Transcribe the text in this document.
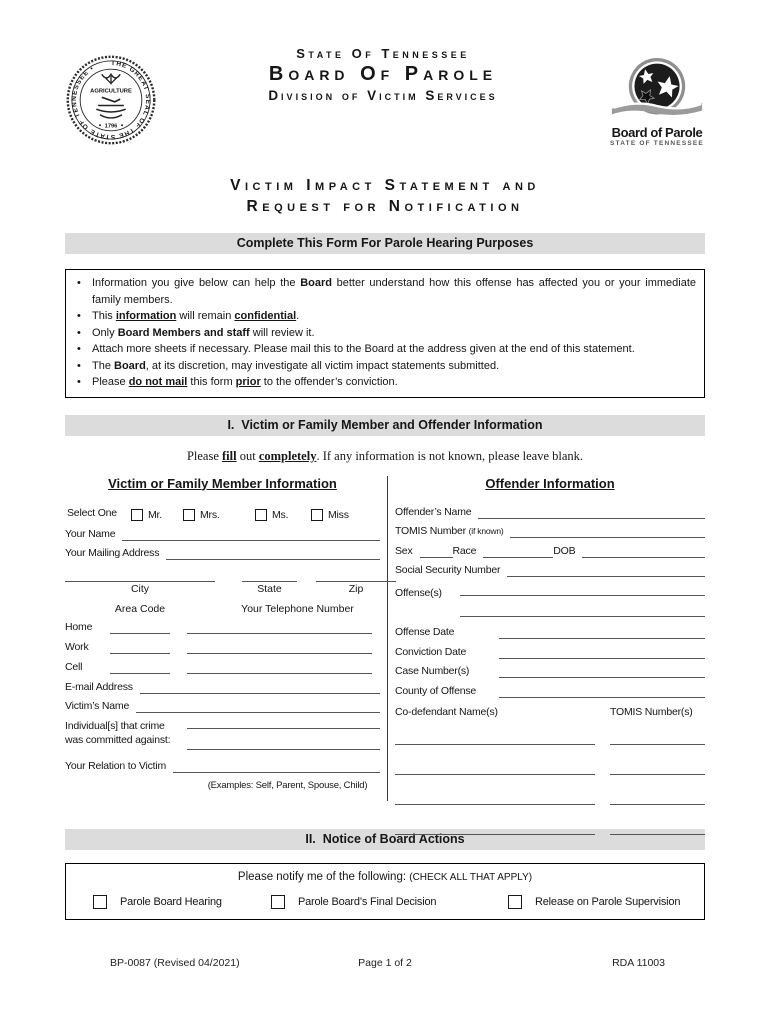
THE GREAT SEAL OF THE STATE OF TENNESSEE •
AGRICULTURE
1796
State Of Tennessee
Board Of Parole
Division of Victim Services
Board of Parole
STATE OF TENNESSEE
Victim Impact Statement and
Request for Notification
Complete This Form For Parole Hearing Purposes
• Information you give below can help the Board better understand how this offense has affected you or your immediate family members.
• This information will remain confidential.
• Only Board Members and staff will review it.
• Attach more sheets if necessary. Please mail this to the Board at the address given at the end of this statement.
• The Board, at its discretion, may investigate all victim impact statements submitted.
• Please do not mail this form prior to the offender’s conviction.
I.  Victim or Family Member and Offender Information
Please fill out completely. If any information is not known, please leave blank.
Victim or Family Member Information
Select One	Mr.	Mrs.	Ms.	Miss
Your Name
Your Mailing Address
City	State	Zip
Area Code	Your Telephone Number
Home
Work
Cell
E-mail Address
Victim’s Name
Individual[s] that crime
was committed against:
Your Relation to Victim
(Examples: Self, Parent, Spouse, Child)
Offender Information
Offender’s Name
TOMIS Number (if known)
Sex	Race	DOB
Social Security Number
Offense(s)
Offense Date
Conviction Date
Case Number(s)
County of Offense
Co-defendant Name(s)	TOMIS Number(s)
II.  Notice of Board Actions
Please notify me of the following: (CHECK ALL THAT APPLY)
Parole Board Hearing	Parole Board’s Final Decision	Release on Parole Supervision
BP-0087 (Revised 04/2021)	Page 1 of 2	RDA 11003
